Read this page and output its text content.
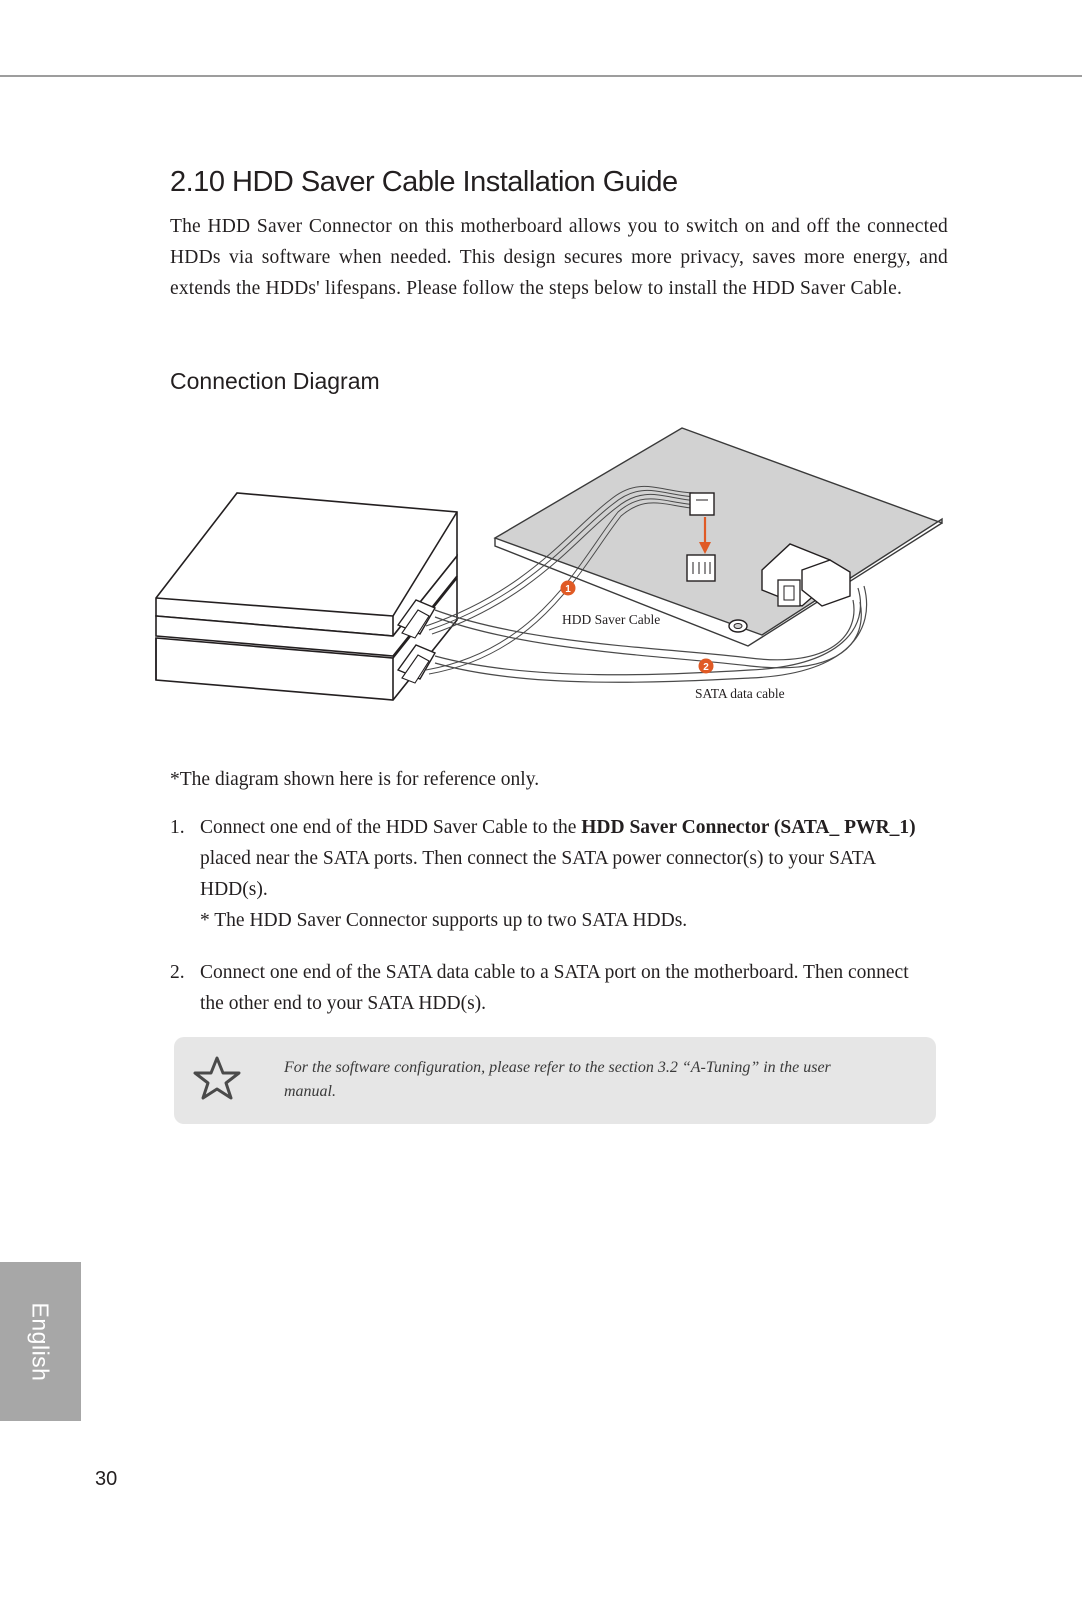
2.10 HDD Saver Cable Installation Guide

The HDD Saver Connector on this motherboard allows you to switch on and off the connected HDDs via software when needed. This design secures more privacy, saves more energy, and extends the HDDs' lifespans. Please follow the steps below to install the HDD Saver Cable.

Connection Diagram
1
2
HDD Saver Cable
SATA data cable

*The diagram shown here is for reference only.

1. Connect one end of the HDD Saver Cable to the HDD Saver Connector (SATA_ PWR_1) placed near the SATA ports. Then connect the SATA power connector(s) to your SATA HDD(s).
* The HDD Saver Connector supports up to two SATA HDDs.
2. Connect one end of the SATA data cable to a SATA port on the motherboard. Then connect the other end to your SATA HDD(s).

For the software configuration, please refer to the section 3.2 “A-Tuning” in the user manual.

English
30
